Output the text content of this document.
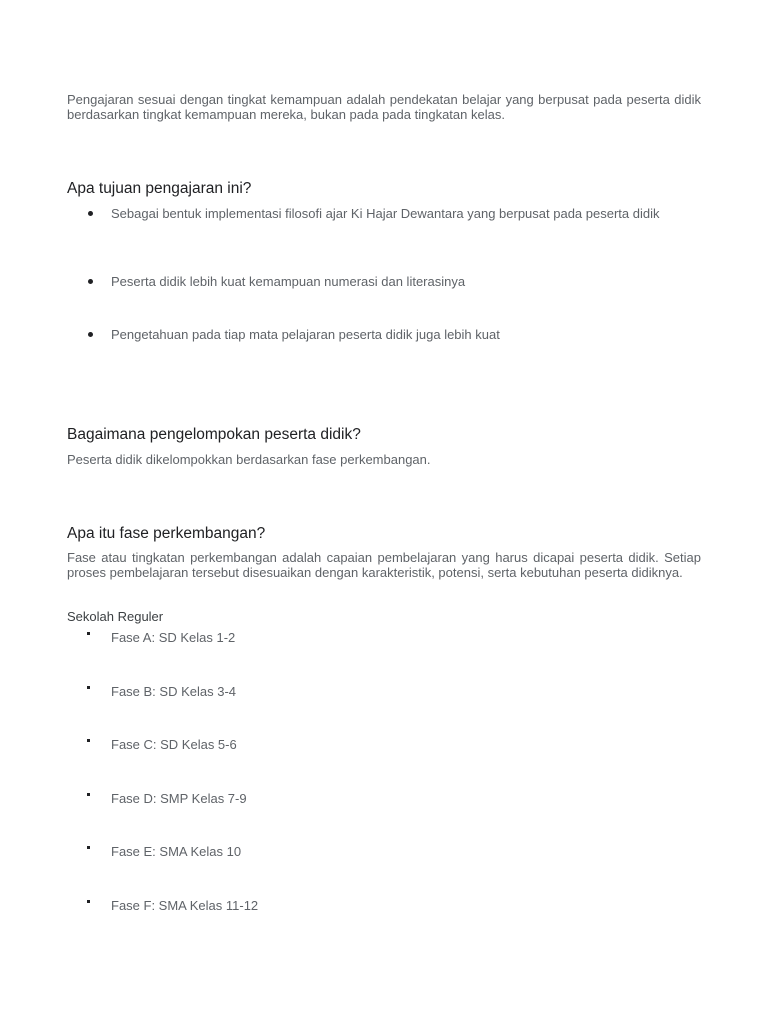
Pengajaran sesuai dengan tingkat kemampuan adalah pendekatan belajar yang berpusat pada peserta didik berdasarkan tingkat kemampuan mereka, bukan pada pada tingkatan kelas.

Apa tujuan pengajaran ini?
Sebagai bentuk implementasi filosofi ajar Ki Hajar Dewantara yang berpusat pada peserta didik
Peserta didik lebih kuat kemampuan numerasi dan literasinya
Pengetahuan pada tiap mata pelajaran peserta didik juga lebih kuat
Bagaimana pengelompokan peserta didik?

Peserta didik dikelompokkan berdasarkan fase perkembangan.

Apa itu fase perkembangan?

Fase atau tingkatan perkembangan adalah capaian pembelajaran yang harus dicapai peserta didik. Setiap proses pembelajaran tersebut disesuaikan dengan karakteristik, potensi, serta kebutuhan peserta didiknya.

Sekolah Reguler

Fase A: SD Kelas 1-2
Fase B: SD Kelas 3-4
Fase C: SD Kelas 5-6
Fase D: SMP Kelas 7-9
Fase E: SMA Kelas 10
Fase F: SMA Kelas 11-12
